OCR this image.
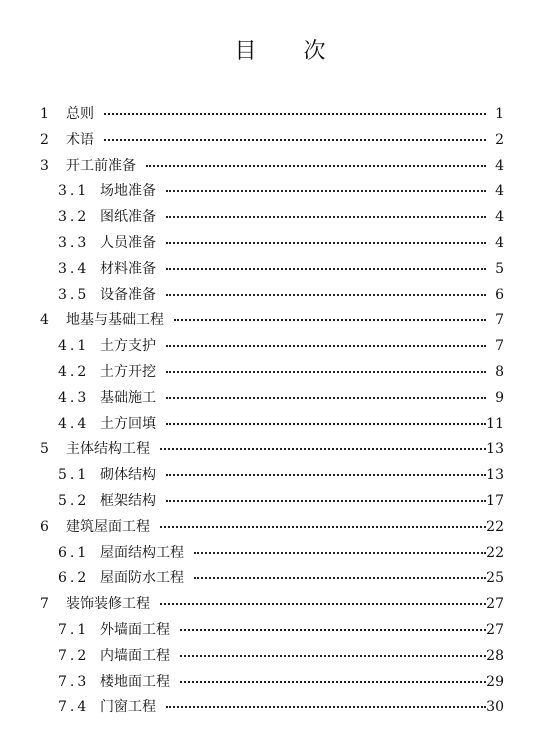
目 次
1 总则	1
2 术语	2
3 开工前准备	4
3.1 场地准备	4
3.2 图纸准备	4
3.3 人员准备	4
3.4 材料准备	5
3.5 设备准备	6
4 地基与基础工程	7
4.1 土方支护	7
4.2 土方开挖	8
4.3 基础施工	9
4.4 土方回填	11
5 主体结构工程	13
5.1 砌体结构	13
5.2 框架结构	17
6 建筑屋面工程	22
6.1 屋面结构工程	22
6.2 屋面防水工程	25
7 装饰装修工程	27
7.1 外墙面工程	27
7.2 内墙面工程	28
7.3 楼地面工程	29
7.4 门窗工程	30
